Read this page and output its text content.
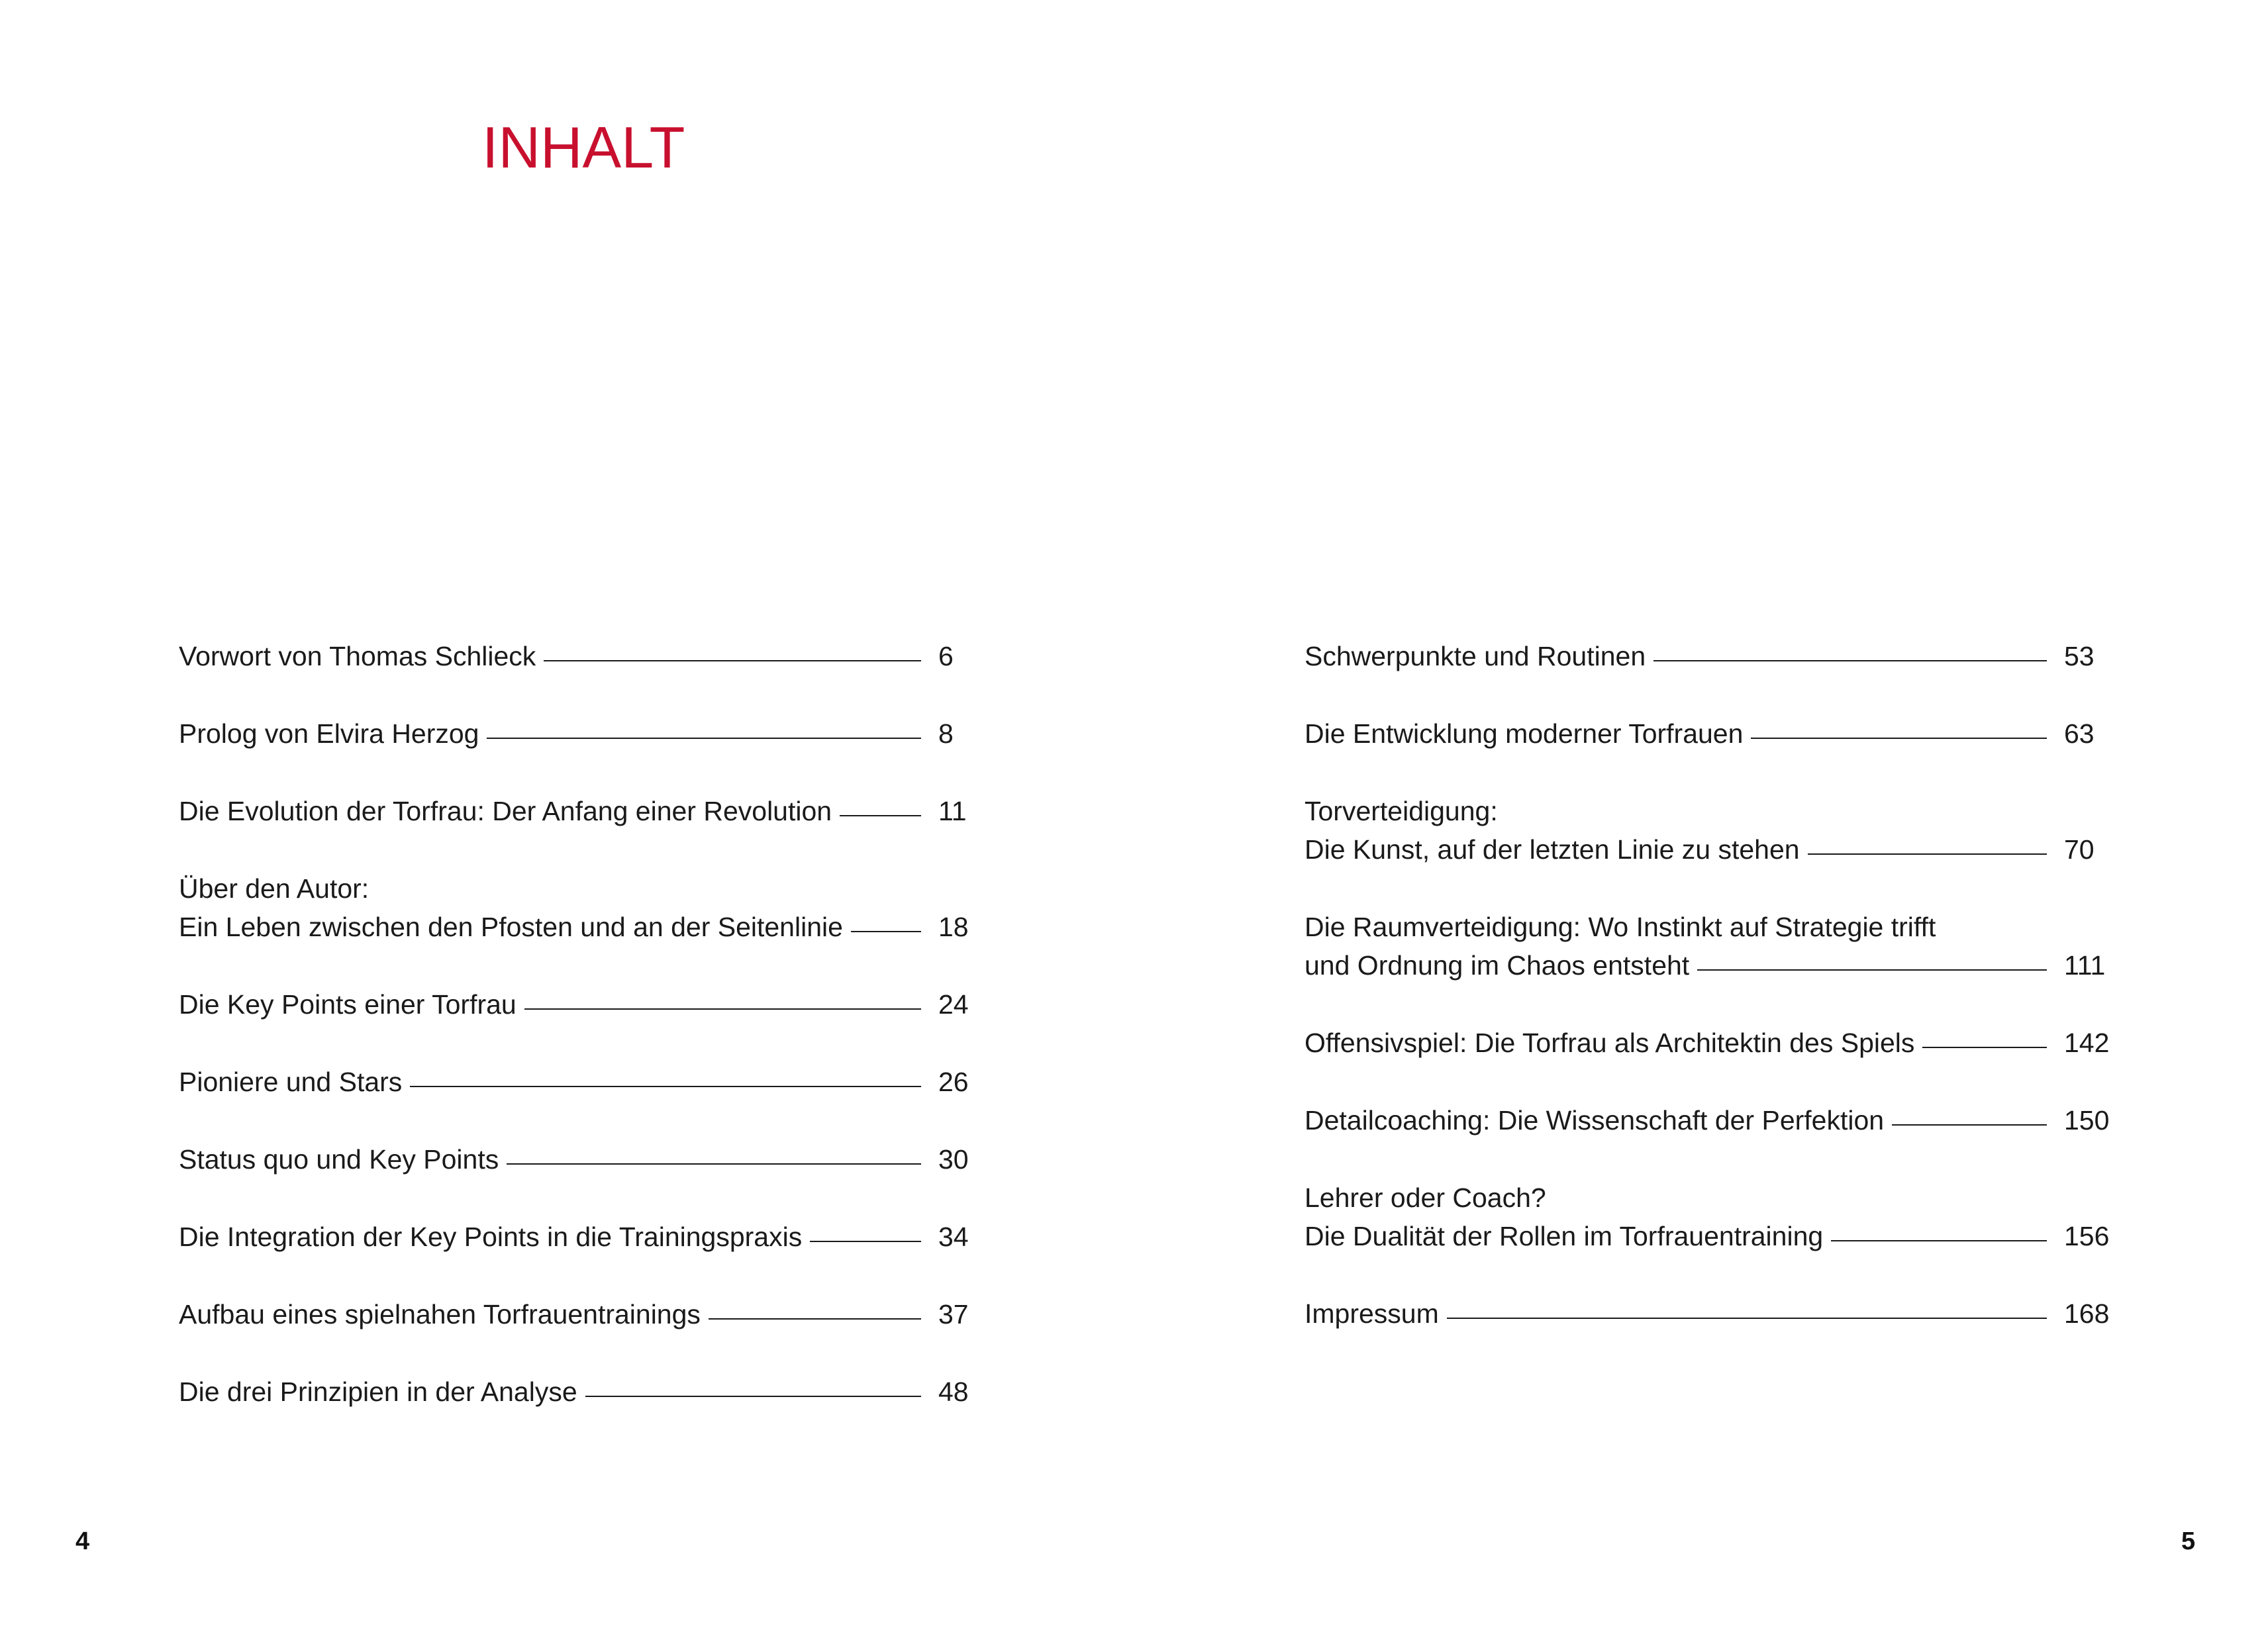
INHALT
Vorwort von Thomas Schlieck	6
Prolog von Elvira Herzog	8
Die Evolution der Torfrau: Der Anfang einer Revolution	11
Über den Autor:
Ein Leben zwischen den Pfosten und an der Seitenlinie	18
Die Key Points einer Torfrau	24
Pioniere und Stars	26
Status quo und Key Points	30
Die Integration der Key Points in die Trainingspraxis	34
Aufbau eines spielnahen Torfrauentrainings	37
Die drei Prinzipien in der Analyse	48
Schwerpunkte und Routinen	53
Die Entwicklung moderner Torfrauen	63
Torverteidigung:
Die Kunst, auf der letzten Linie zu stehen	70
Die Raumverteidigung: Wo Instinkt auf Strategie trifft
und Ordnung im Chaos entsteht	111
Offensivspiel: Die Torfrau als Architektin des Spiels	142
Detailcoaching: Die Wissenschaft der Perfektion	150
Lehrer oder Coach?
Die Dualität der Rollen im Torfrauentraining	156
Impressum	168
4	5
